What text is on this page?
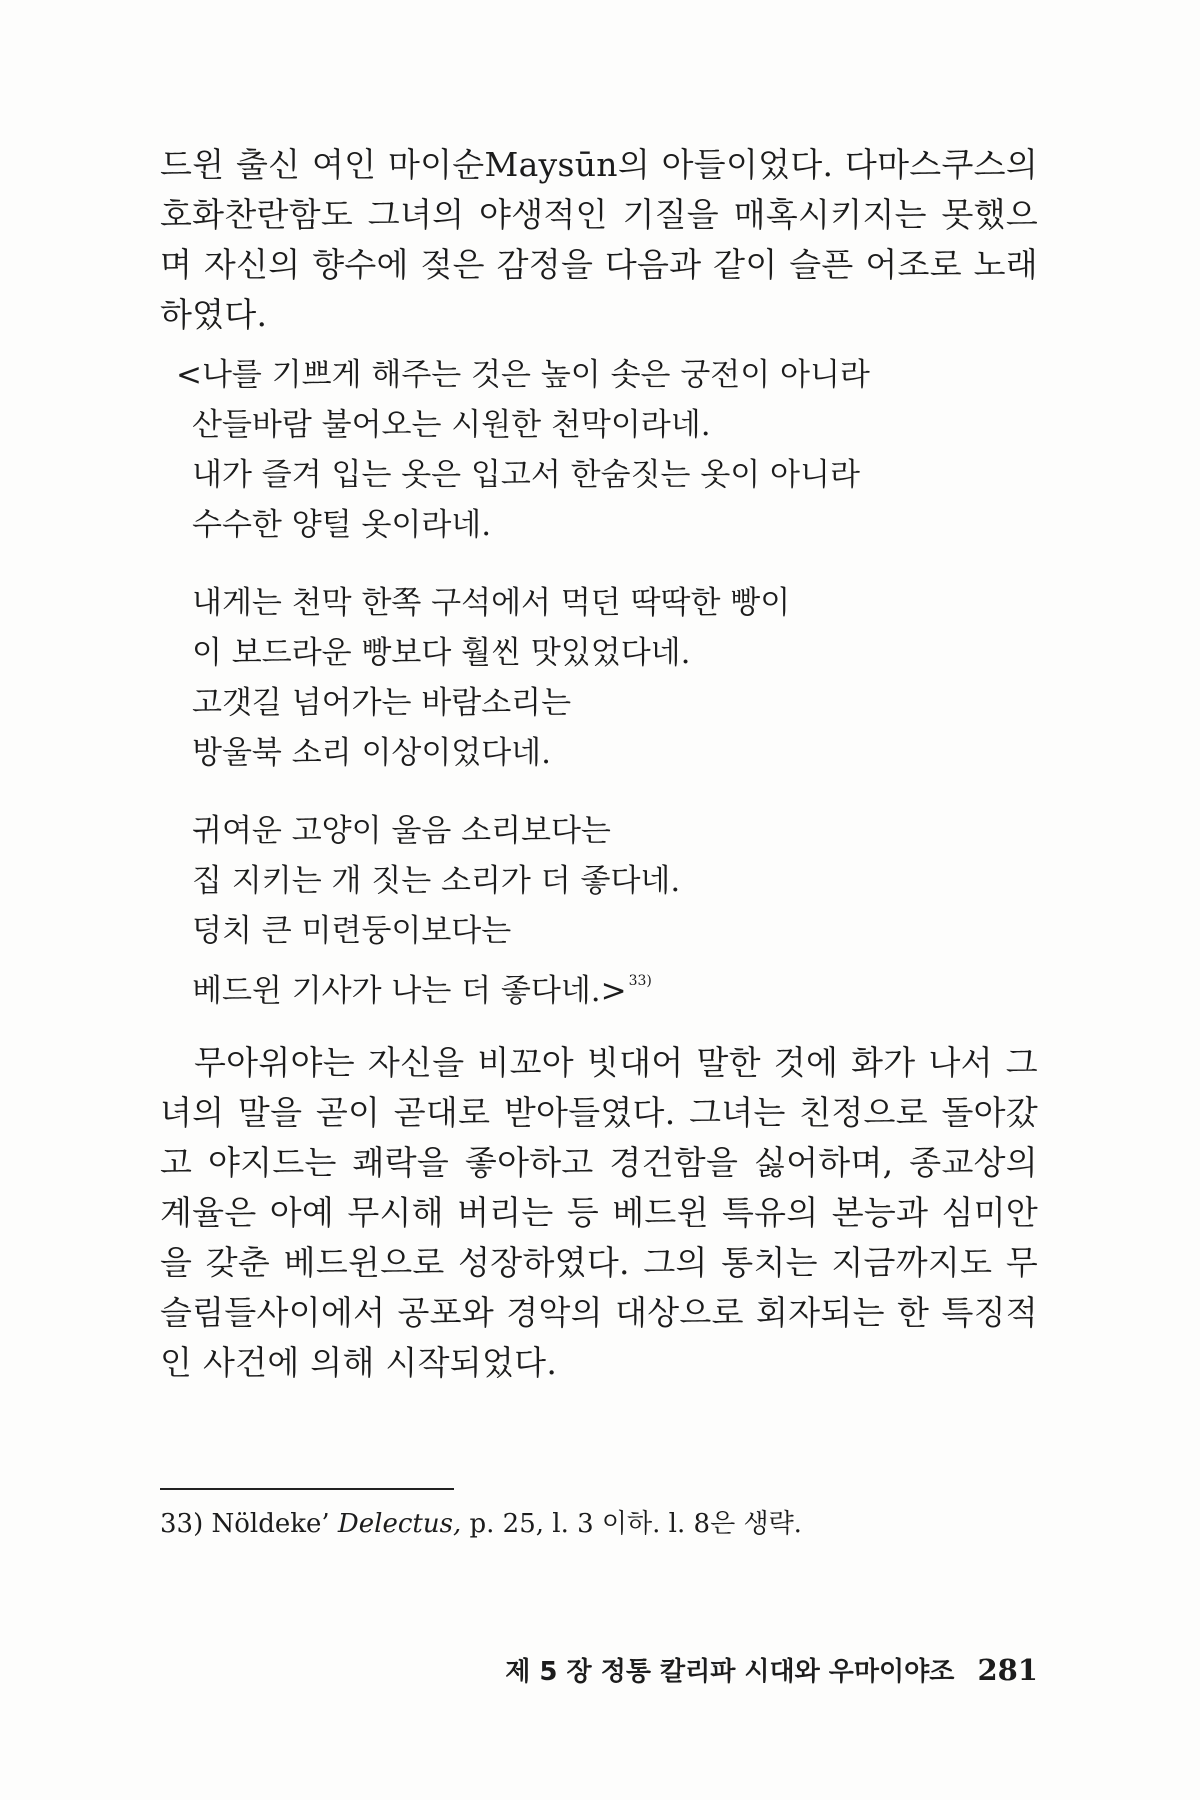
드윈 출신 여인 마이순Maysūn의 아들이었다. 다마스쿠스의 호화찬란함도 그녀의 야생적인 기질을 매혹시키지는 못했으며 자신의 향수에 젖은 감정을 다음과 같이 슬픈 어조로 노래하였다.

<나를 기쁘게 해주는 것은 높이 솟은 궁전이 아니라
산들바람 불어오는 시원한 천막이라네.
내가 즐겨 입는 옷은 입고서 한숨짓는 옷이 아니라
수수한 양털 옷이라네.
내게는 천막 한쪽 구석에서 먹던 딱딱한 빵이
이 보드라운 빵보다 훨씬 맛있었다네.
고갯길 넘어가는 바람소리는
방울북 소리 이상이었다네.
귀여운 고양이 울음 소리보다는
집 지키는 개 짓는 소리가 더 좋다네.
덩치 큰 미련둥이보다는
베드윈 기사가 나는 더 좋다네.> $^{33)}$

무아위야는 자신을 비꼬아 빗대어 말한 것에 화가 나서 그녀의 말을 곧이 곧대로 받아들였다. 그녀는 친정으로 돌아갔고 야지드는 쾌락을 좋아하고 경건함을 싫어하며, 종교상의 계율은 아예 무시해 버리는 등 베드윈 특유의 본능과 심미안을 갖춘 베드윈으로 성장하였다. 그의 통치는 지금까지도 무슬림들사이에서 공포와 경악의 대상으로 회자되는 한 특징적인 사건에 의해 시작되었다.

33) Nöldeke’ Delectus, p. 25, l. 3 이하. l. 8은 생략.
제 5 장 정통 칼리파 시대와 우마이야조 281
